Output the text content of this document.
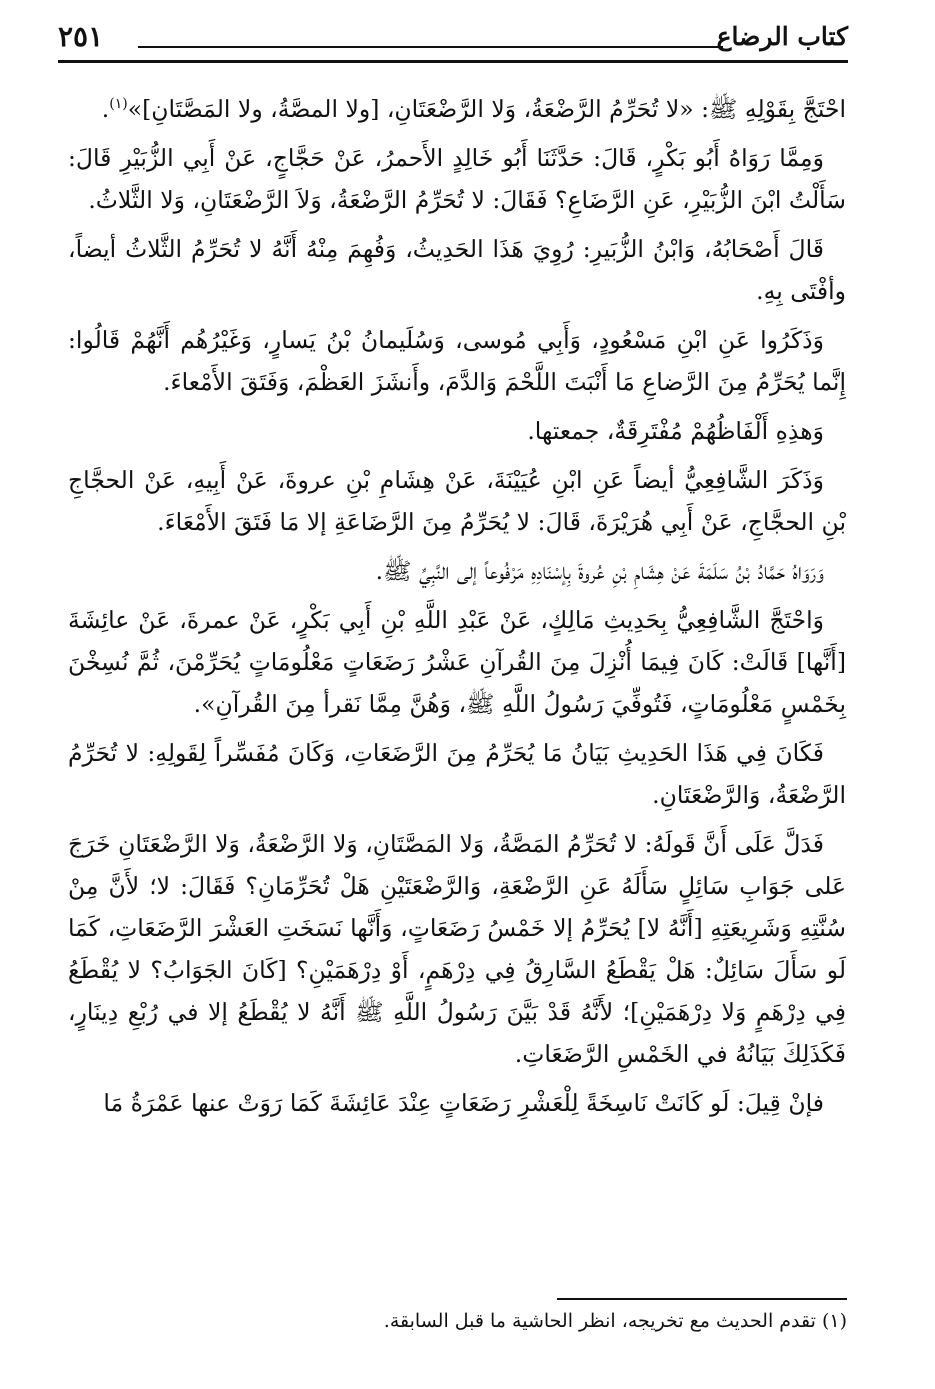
٢٥١	كتاب الرضاع

احْتَجَّ بِقَوْلِهِ ﷺ: «لا تُحَرِّمُ الرَّضْعَةُ، وَلا الرَّضْعَتَانِ، [ولا المصَّةُ، ولا المَصَّتَانِ]»$^{(١)}$.

وَمِمَّا رَوَاهُ أَبُو بَكْرٍ، قَالَ: حَدَّثَنَا أَبُو خَالِدٍ الأَحمرُ، عَنْ حَجَّاجٍ، عَنْ أَبِي الزُّبَيْرِ قَالَ: سَأَلْتُ ابْنَ الزُّبَيْرِ، عَنِ الرَّضَاعِ؟ فَقَالَ: لا تُحَرِّمُ الرَّضْعَةُ، وَلاَ الرَّضْعَتَانِ، وَلا الثَّلاثُ.

قَالَ أَصْحَابُهُ، وَابْنُ الزُّبَيرِ: رُوِيَ هَذَا الحَدِيثُ، وَفُهِمَ مِنْهُ أَنَّهُ لا تُحَرِّمُ الثَّلاثُ أيضاً، وأفْتَى بِهِ.

وَذَكَرُوا عَنِ ابْنِ مَسْعُودٍ، وَأَبِي مُوسى، وَسُلَيمانُ بْنُ يَسارٍ، وَغَيْرُهُم أَنَّهُمْ قَالُوا: إِنَّما يُحَرِّمُ مِنَ الرَّضاعِ مَا أَنْبَتَ اللَّحْمَ وَالدَّمَ، وأَنشَزَ العَظْمَ، وَفَتَقَ الأَمْعاءَ.

وَهذِهِ أَلْفَاظُهُمْ مُفْتَرِقَةٌ، جمعتها.

وَذَكَرَ الشَّافِعِيُّ أيضاً عَنِ ابْنِ عُيَيْنَةَ، عَنْ هِشَامِ بْنِ عروةَ، عَنْ أَبِيهِ، عَنْ الحجَّاجِ بْنِ الحجَّاجِ، عَنْ أَبِي هُرَيْرَةَ، قَالَ: لا يُحَرِّمُ مِنَ الرَّضَاعَةِ إلا مَا فَتَقَ الأَمْعَاءَ.

وَرَوَاهُ حَمَّادُ بْنُ سَلَمَةَ عَنْ هِشَامِ بْنِ عُروةَ بِإسْنَادِهِ مَرْفُوعاً إلى النَّبِيِّ ﷺ.

وَاحْتَجَّ الشَّافِعِيُّ بِحَدِيثِ مَالِكٍ، عَنْ عَبْدِ اللَّهِ بْنِ أَبِي بَكْرٍ، عَنْ عمرةَ، عَنْ عائِشَةَ [أَنَّها] قَالَتْ: كَانَ فِيمَا أُنْزِلَ مِنَ القُرآنِ عَشْرُ رَضَعَاتٍ مَعْلُومَاتٍ يُحَرِّمْنَ، ثُمَّ نُسِخْنَ بِخَمْسٍ مَعْلُومَاتٍ، فَتُوفِّيَ رَسُولُ اللَّهِ ﷺ، وَهُنَّ مِمَّا نَقرأ مِنَ القُرآنِ».

فَكَانَ فِي هَذَا الحَدِيثِ بَيَانُ مَا يُحَرِّمُ مِنَ الرَّضَعَاتِ، وَكَانَ مُفَسِّراً لِقَولِهِ: لا تُحَرِّمُ الرَّضْعَةُ، وَالرَّضْعَتَانِ.

فَدَلَّ عَلَى أَنَّ قَولَهُ: لا تُحَرِّمُ المَصَّةُ، وَلا المَصَّتَانِ، وَلا الرَّضْعَةُ، وَلا الرَّضْعَتَانِ خَرَجَ عَلى جَوَابِ سَائِلٍ سَأَلَهُ عَنِ الرَّضْعَةِ، وَالرَّضْعَتَيْنِ هَلْ تُحَرِّمَانِ؟ فَقَالَ: لا؛ لأَنَّ مِنْ سُنَّتِهِ وَشَرِيعَتِهِ [أَنَّهُ لا] يُحَرِّمُ إلا خَمْسُ رَضَعَاتٍ، وَأَنَّها نَسَخَتِ العَشْرَ الرَّضَعَاتِ، كَمَا لَو سَأَلَ سَائِلٌ: هَلْ يَقْطَعُ السَّارِقُ فِي دِرْهَمٍ، أَوْ دِرْهَمَيْنِ؟ [كَانَ الجَوَابُ؟ لا يُقْطَعُ فِي دِرْهَمٍ وَلا دِرْهَمَيْنِ]؛ لأَنَّهُ قَدْ بَيَّنَ رَسُولُ اللَّهِ ﷺ أَنَّهُ لا يُقْطَعُ إلا في رُبْعِ دِينَارٍ، فَكَذَلِكَ بَيَانُهُ في الخَمْسِ الرَّضَعَاتِ.

فإنْ قِيلَ: لَو كَانَتْ نَاسِخَةً لِلْعَشْرِ رَضَعَاتٍ عِنْدَ عَائِشَةَ كَمَا رَوَتْ عنها عَمْرَةُ مَا

(١) تقدم الحديث مع تخريجه، انظر الحاشية ما قبل السابقة.
